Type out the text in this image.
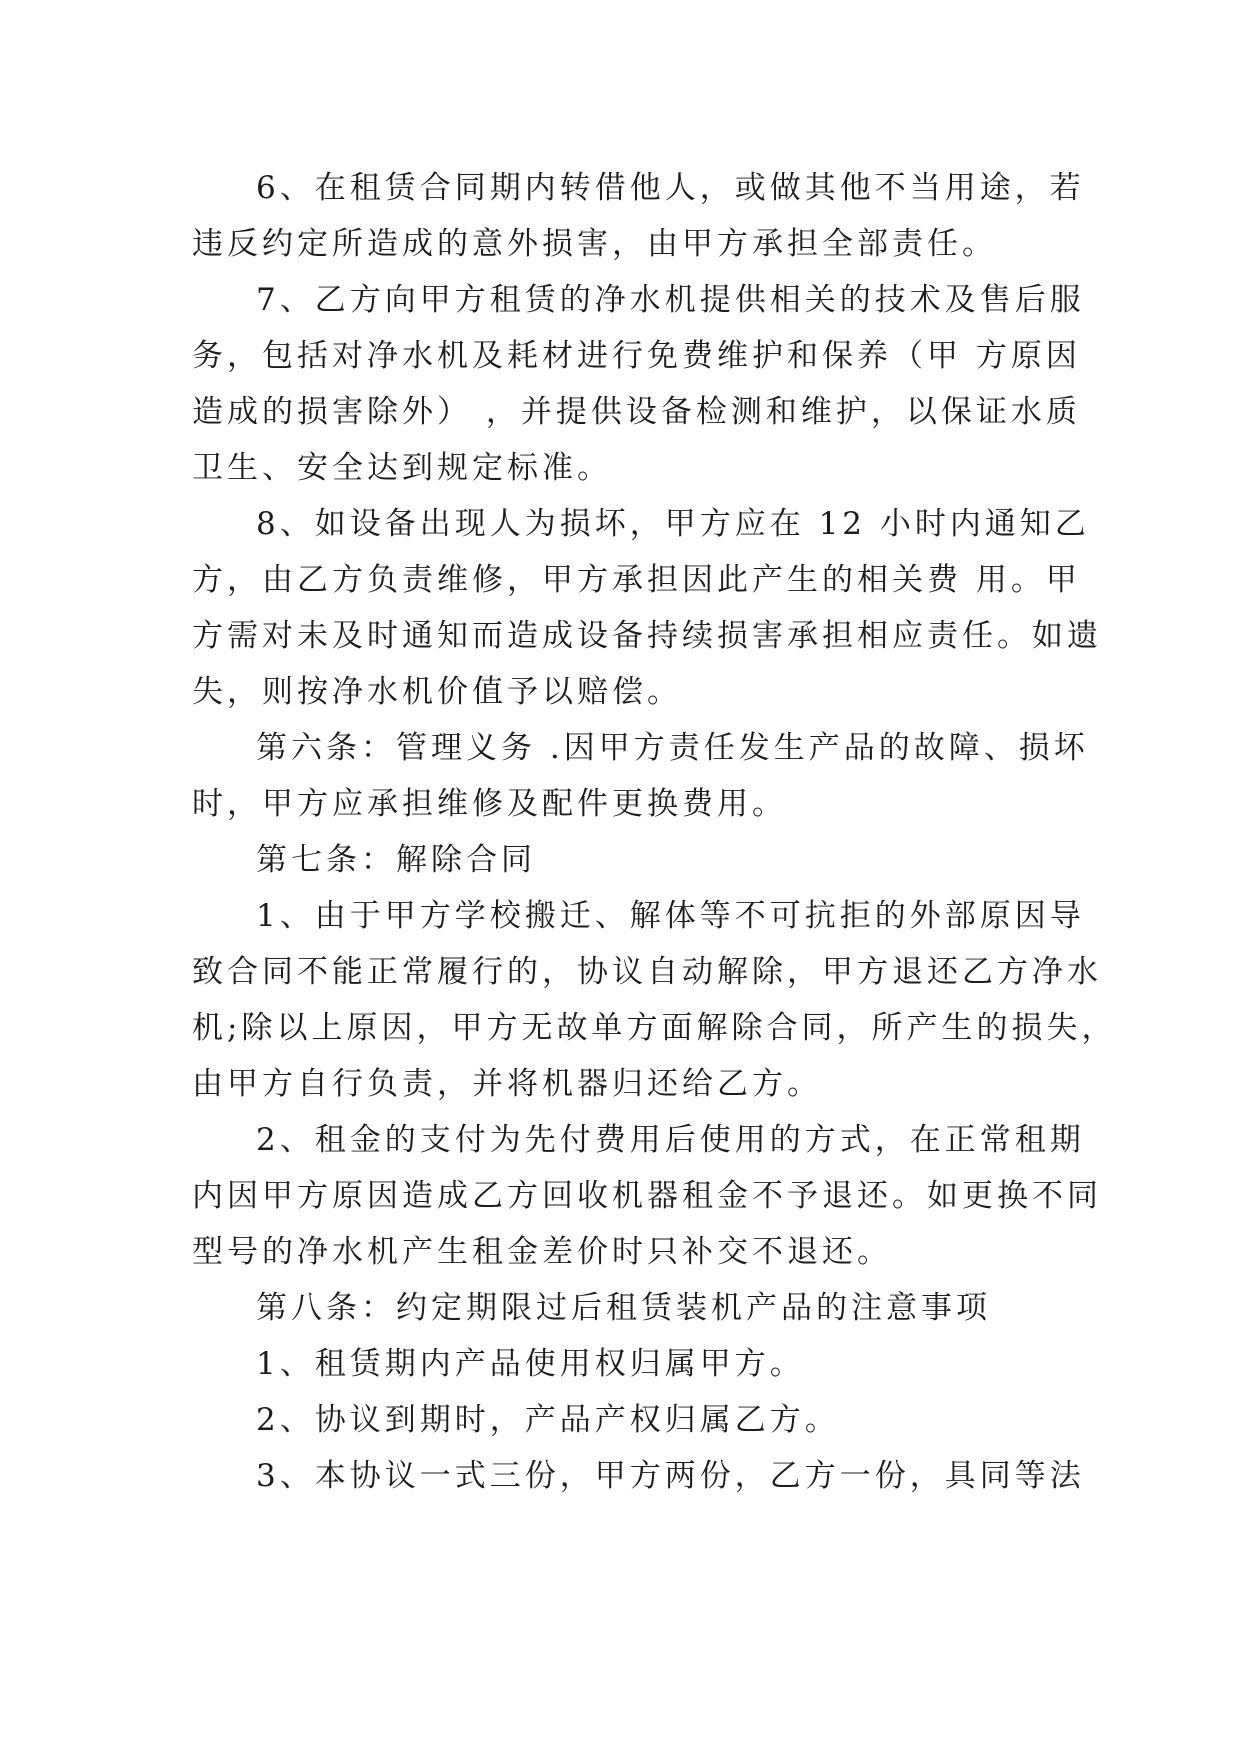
6、在租赁合同期内转借他人，或做其他不当用途，若
违反约定所造成的意外损害，由甲方承担全部责任。
7、乙方向甲方租赁的净水机提供相关的技术及售后服
务，包括对净水机及耗材进行免费维护和保养（甲 方原因
造成的损害除外） ，并提供设备检测和维护，以保证水质
卫生、安全达到规定标准。
8、如设备出现人为损坏，甲方应在 12 小时内通知乙
方，由乙方负责维修，甲方承担因此产生的相关费 用。甲
方需对未及时通知而造成设备持续损害承担相应责任。如遗
失，则按净水机价值予以赔偿。
第六条：管理义务 .因甲方责任发生产品的故障、损坏
时，甲方应承担维修及配件更换费用。
第七条：解除合同
1、由于甲方学校搬迁、解体等不可抗拒的外部原因导
致合同不能正常履行的，协议自动解除，甲方退还乙方净水
机;除以上原因，甲方无故单方面解除合同，所产生的损失，
由甲方自行负责，并将机器归还给乙方。
2、租金的支付为先付费用后使用的方式，在正常租期
内因甲方原因造成乙方回收机器租金不予退还。如更换不同
型号的净水机产生租金差价时只补交不退还。
第八条：约定期限过后租赁装机产品的注意事项
1、租赁期内产品使用权归属甲方。
2、协议到期时，产品产权归属乙方。
3、本协议一式三份，甲方两份，乙方一份，具同等法
